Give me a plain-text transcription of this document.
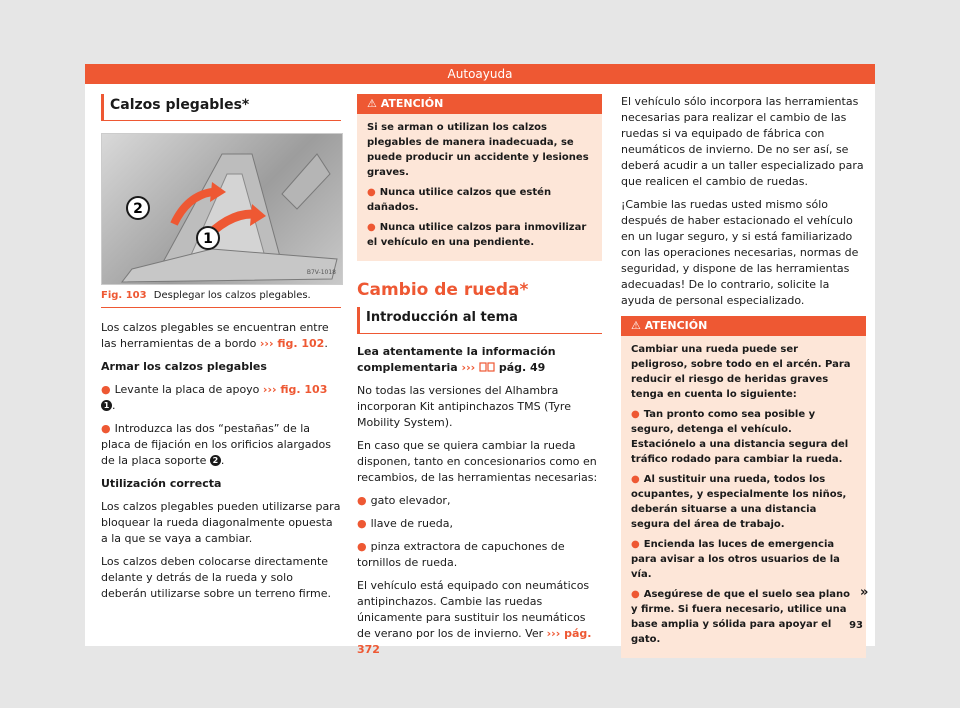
Autoayuda
Calzos plegables*
2
1
B7V-1018
Fig. 103 Desplegar los calzos plegables.

Los calzos plegables se encuentran entre las herramientas de a bordo ››› fig. 102.

Armar los calzos plegables

● Levante la placa de apoyo ››› fig. 103 1 .

● Introduzca las dos “pestañas” de la placa de fijación en los orificios alargados de la placa soporte 2 .

Utilización correcta

Los calzos plegables pueden utilizarse para bloquear la rueda diagonalmente opuesta a la que se vaya a cambiar.

Los calzos deben colocarse directamente delante y detrás de la rueda y solo deberán utilizarse sobre un terreno firme.

⚠ ATENCIÓN

Si se arman o utilizan los calzos plegables de manera inadecuada, se puede producir un accidente y lesiones graves.

● Nunca utilice calzos que estén dañados.

● Nunca utilice calzos para inmovilizar el vehículo en una pendiente.

Cambio de rueda*
Introducción al tema

Lea atentamente la información complementaria ››› pág. 49

No todas las versiones del Alhambra incorporan Kit antipinchazos TMS (Tyre Mobility System).

En caso que se quiera cambiar la rueda disponen, tanto en concesionarios como en recambios, de las herramientas necesarias:

● gato elevador,

● llave de rueda,

● pinza extractora de capuchones de tornillos de rueda.

El vehículo está equipado con neumáticos antipinchazos. Cambie las ruedas únicamente para sustituir los neumáticos de verano por los de invierno. Ver ››› pág. 372

El vehículo sólo incorpora las herramientas necesarias para realizar el cambio de las ruedas si va equipado de fábrica con neumáticos de invierno. De no ser así, se deberá acudir a un taller especializado para que realicen el cambio de ruedas.

¡Cambie las ruedas usted mismo sólo después de haber estacionado el vehículo en un lugar seguro, y si está familiarizado con las operaciones necesarias, normas de seguridad, y dispone de las herramientas adecuadas! De lo contrario, solicite la ayuda de personal especializado.

⚠ ATENCIÓN

Cambiar una rueda puede ser peligroso, sobre todo en el arcén. Para reducir el riesgo de heridas graves tenga en cuenta lo siguiente:

● Tan pronto como sea posible y seguro, detenga el vehículo. Estaciónelo a una distancia segura del tráfico rodado para cambiar la rueda.

● Al sustituir una rueda, todos los ocupantes, y especialmente los niños, deberán situarse a una distancia segura del área de trabajo.

● Encienda las luces de emergencia para avisar a los otros usuarios de la vía.

● Asegúrese de que el suelo sea plano y firme. Si fuera necesario, utilice una base amplia y sólida para apoyar el gato.

»
93
